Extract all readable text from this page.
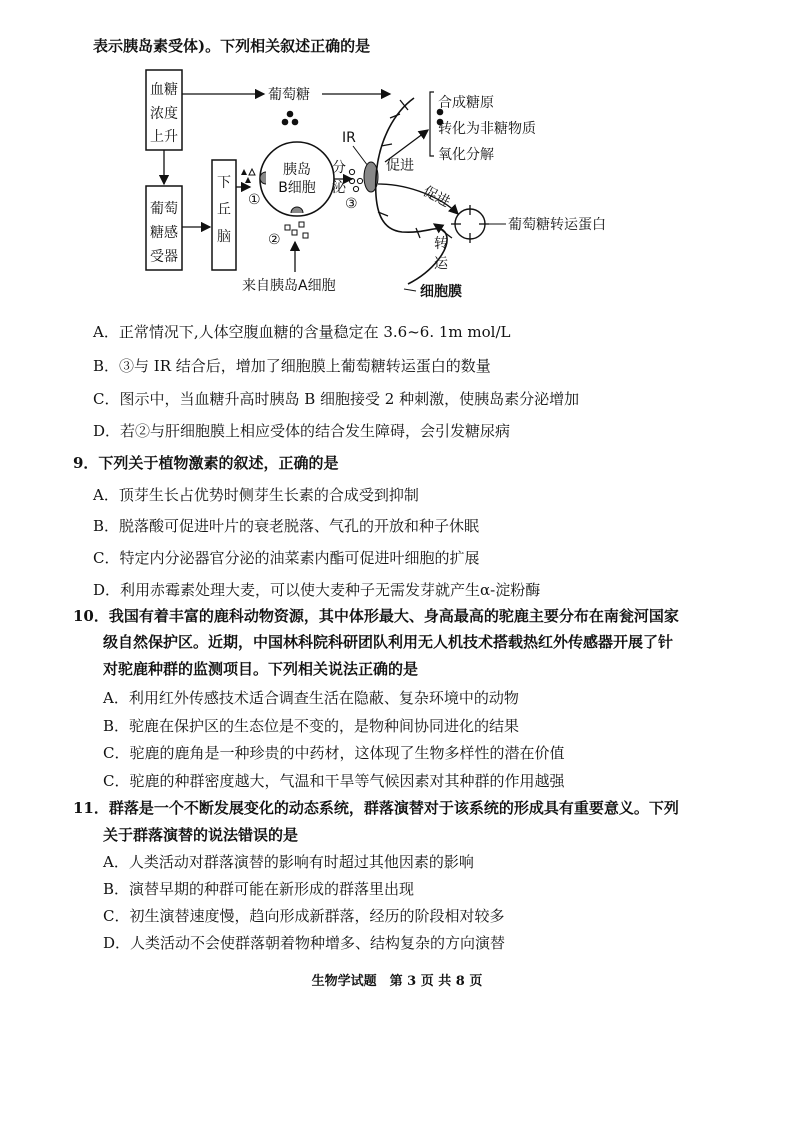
表示胰岛素受体)。下列相关叙述正确的是
血糖
浓度
上升
葡萄
糖感
受器
下
丘
脑
葡萄糖
胰岛
B细胞
①
②
来自胰岛A细胞
分
泌
③
IR
促进
合成糖原
转化为非糖物质
氧化分解
促进
葡萄糖转运蛋白
转
运
细胞膜
A．正常情况下,人体空腹血糖的含量稳定在 3.6~6. 1m mol/L
B．③与 IR 结合后，增加了细胞膜上葡萄糖转运蛋白的数量
C．图示中，当血糖升高时胰岛 B 细胞接受 2 种刺激，使胰岛素分泌增加
D．若②与肝细胞膜上相应受体的结合发生障碍，会引发糖尿病
9．下列关于植物激素的叙述，正确的是
A．顶芽生长占优势时侧芽生长素的合成受到抑制
B．脱落酸可促进叶片的衰老脱落、气孔的开放和种子休眠
C．特定内分泌器官分泌的油菜素内酯可促进叶细胞的扩展
D．利用赤霉素处理大麦，可以使大麦种子无需发芽就产生α-淀粉酶
10．我国有着丰富的鹿科动物资源，其中体形最大、身高最高的驼鹿主要分布在南瓮河国家
级自然保护区。近期，中国林科院科研团队利用无人机技术搭载热红外传感器开展了针
对驼鹿种群的监测项目。下列相关说法正确的是
A．利用红外传感技术适合调查生活在隐蔽、复杂环境中的动物
B．驼鹿在保护区的生态位是不变的，是物种间协同进化的结果
C．驼鹿的鹿角是一种珍贵的中药材，这体现了生物多样性的潜在价值
C．驼鹿的种群密度越大，气温和干旱等气候因素对其种群的作用越强
11．群落是一个不断发展变化的动态系统，群落演替对于该系统的形成具有重要意义。下列
关于群落演替的说法错误的是
A．人类活动对群落演替的影响有时超过其他因素的影响
B．演替早期的种群可能在新形成的群落里出现
C．初生演替速度慢，趋向形成新群落，经历的阶段相对较多
D．人类活动不会使群落朝着物种增多、结构复杂的方向演替
生物学试题　第 3 页 共 8 页
